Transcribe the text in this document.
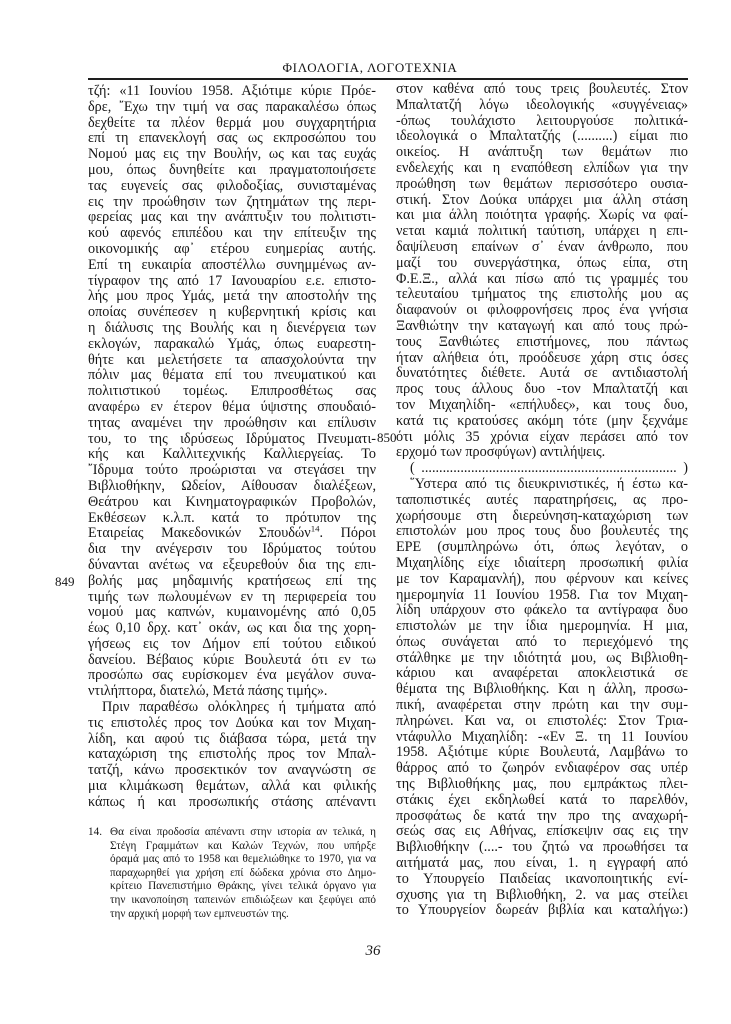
ΦΙΛΟΛΟΓΙΑ, ΛΟΓΟΤΕΧΝΙΑ
τζή: «11 Ιουνίου 1958. Αξιότιμε κύριε Πρόε-
δρε, ῎Εχω την τιμή να σας παρακαλέσω όπως
δεχθείτε τα πλέον θερμά μου συγχαρητήρια
επί τη επανεκλογή σας ως εκπροσώπου του
Νομού μας εις την Βουλήν, ως και τας ευχάς
μου, όπως δυνηθείτε και πραγματοποιήσετε
τας ευγενείς σας φιλοδοξίας, συνισταμένας
εις την προώθησιν των ζητημάτων της περι-
φερείας μας και την ανάπτυξιν του πολιτιστι-
κού αφενός επιπέδου και την επίτευξιν της
οικονομικής αφ᾽ ετέρου ευημερίας αυτής.
Επί τη ευκαιρία αποστέλλω συνημμένως αν-
τίγραφον της από 17 Ιανουαρίου ε.ε. επιστο-
λής μου προς Υμάς, μετά την αποστολήν της
οποίας συνέπεσεν η κυβερνητική κρίσις και
η διάλυσις της Βουλής και η διενέργεια των
εκλογών, παρακαλώ Υμάς, όπως ευαρεστη-
θήτε και μελετήσετε τα απασχολούντα την
πόλιν μας θέματα επί του πνευματικού και
πολιτιστικού τομέως. Επιπροσθέτως σας
αναφέρω εν έτερον θέμα ύψιστης σπουδαιό-
τητας αναμένει την προώθησιν και επίλυσιν
του, το της ιδρύσεως Ιδρύματος Πνευματι-
κής και Καλλιτεχνικής Καλλιεργείας. Το
῎Ιδρυμα τούτο προώρισται να στεγάσει την
Βιβλιοθήκην, Ωδείον, Αίθουσαν διαλέξεων,
Θεάτρου και Κινηματογραφικών Προβολών,
Εκθέσεων κ.λ.π. κατά το πρότυπον της
Εταιρείας Μακεδονικών Σπουδών$^{14}$. Πόροι
δια την ανέγερσιν του Ιδρύματος τούτου
δύνανται ανέτως να εξευρεθούν δια της επι-
βολής μας μηδαμινής κρατήσεως επί της
τιμής των πωλουμένων εν τη περιφερεία του
νομού μας καπνών, κυμαινομένης από 0,05
έως 0,10 δρχ. κατ᾽ οκάν, ως και δια της χορη-
γήσεως εις τον Δήμον επί τούτου ειδικού
δανείου. Βέβαιος κύριε Βουλευτά ότι εν τω
προσώπω σας ευρίσκομεν ένα μεγάλον συνα-
ντιλήπτορα, διατελώ, Μετά πάσης τιμής».
Πριν παραθέσω ολόκληρες ή τμήματα από
τις επιστολές προς τον Δούκα και τον Μιχαη-
λίδη, και αφού τις διάβασα τώρα, μετά την
καταχώριση της επιστολής προς τον Μπαλ-
τατζή, κάνω προσεκτικόν τον αναγνώστη σε
μια κλιμάκωση θεμάτων, αλλά και φιλικής
κάπως ή και προσωπικής στάσης απέναντι
στον καθένα από τους τρεις βουλευτές. Στον
Μπαλτατζή λόγω ιδεολογικής «συγγένειας»
-όπως τουλάχιστο λειτουργούσε πολιτικά-
ιδεολογικά ο Μπαλτατζής (..........) είμαι πιο
οικείος. Η ανάπτυξη των θεμάτων πιο
ενδελεχής και η εναπόθεση ελπίδων για την
προώθηση των θεμάτων περισσότερο ουσια-
στική. Στον Δούκα υπάρχει μια άλλη στάση
και μια άλλη ποιότητα γραφής. Χωρίς να φαί-
νεται καμιά πολιτική ταύτιση, υπάρχει η επι-
δαψίλευση επαίνων σ᾽ έναν άνθρωπο, που
μαζί του συνεργάστηκα, όπως είπα, στη
Φ.Ε.Ξ., αλλά και πίσω από τις γραμμές του
τελευταίου τμήματος της επιστολής μου ας
διαφανούν οι φιλοφρονήσεις προς ένα γνήσια
Ξανθιώτην την καταγωγή και από τους πρώ-
τους Ξανθιώτες επιστήμονες, που πάντως
ήταν αλήθεια ότι, προόδευσε χάρη στις όσες
δυνατότητες διέθετε. Αυτά σε αντιδιαστολή
προς τους άλλους δυο -τον Μπαλτατζή και
τον Μιχαηλίδη- «επήλυδες», και τους δυο,
κατά τις κρατούσες ακόμη τότε (μην ξεχνάμε
ότι μόλις 35 χρόνια είχαν περάσει από τον
ερχομό των προσφύγων) αντιλήψεις.
( ........................................................................ )
῞Υστερα από τις διευκρινιστικές, ή έστω κα-
ταποπιστικές αυτές παρατηρήσεις, ας προ-
χωρήσουμε στη διερεύνηση-καταχώριση των
επιστολών μου προς τους δυο βουλευτές της
ΕΡΕ (συμπληρώνω ότι, όπως λεγόταν, ο
Μιχαηλίδης είχε ιδιαίτερη προσωπική φιλία
με τον Καραμανλή), που φέρνουν και κείνες
ημερομηνία 11 Ιουνίου 1958. Για τον Μιχαη-
λίδη υπάρχουν στο φάκελο τα αντίγραφα δυο
επιστολών με την ίδια ημερομηνία. Η μια,
όπως συνάγεται από το περιεχόμενό της
στάλθηκε με την ιδιότητά μου, ως Βιβλιοθη-
κάριου και αναφέρεται αποκλειστικά σε
θέματα της Βιβλιοθήκης. Και η άλλη, προσω-
πική, αναφέρεται στην πρώτη και την συμ-
πληρώνει. Και να, οι επιστολές: Στον Τρια-
ντάφυλλο Μιχαηλίδη: -«Εν Ξ. τη 11 Ιουνίου
1958. Αξιότιμε κύριε Βουλευτά, Λαμβάνω το
θάρρος από το ζωηρόν ενδιαφέρον σας υπέρ
της Βιβλιοθήκης μας, που εμπράκτως πλει-
στάκις έχει εκδηλωθεί κατά το παρελθόν,
προσφάτως δε κατά την προ της αναχωρή-
σεώς σας εις Αθήνας, επίσκεψιν σας εις την
Βιβλιοθήκην (....- του ζητώ να προωθήσει τα
αιτήματά μας, που είναι, 1. η εγγραφή από
το Υπουργείο Παιδείας ικανοποιητικής ενί-
σχυσης για τη Βιβλιοθήκη, 2. να μας στείλει
το Υπουργείον δωρεάν βιβλία και καταλήγω:)
849
850
14. Θα είναι προδοσία απέναντι στην ιστορία αν τελικά, η
Στέγη Γραμμάτων και Καλών Τεχνών, που υπήρξε
όραμά μας από το 1958 και θεμελιώθηκε το 1970, για να
παραχωρηθεί για χρήση επί δώδεκα χρόνια στο Δημο-
κρίτειο Πανεπιστήμιο Θράκης, γίνει τελικά όργανο για
την ικανοποίηση ταπεινών επιδιώξεων και ξεφύγει από
την αρχική μορφή των εμπνευστών της.
36
